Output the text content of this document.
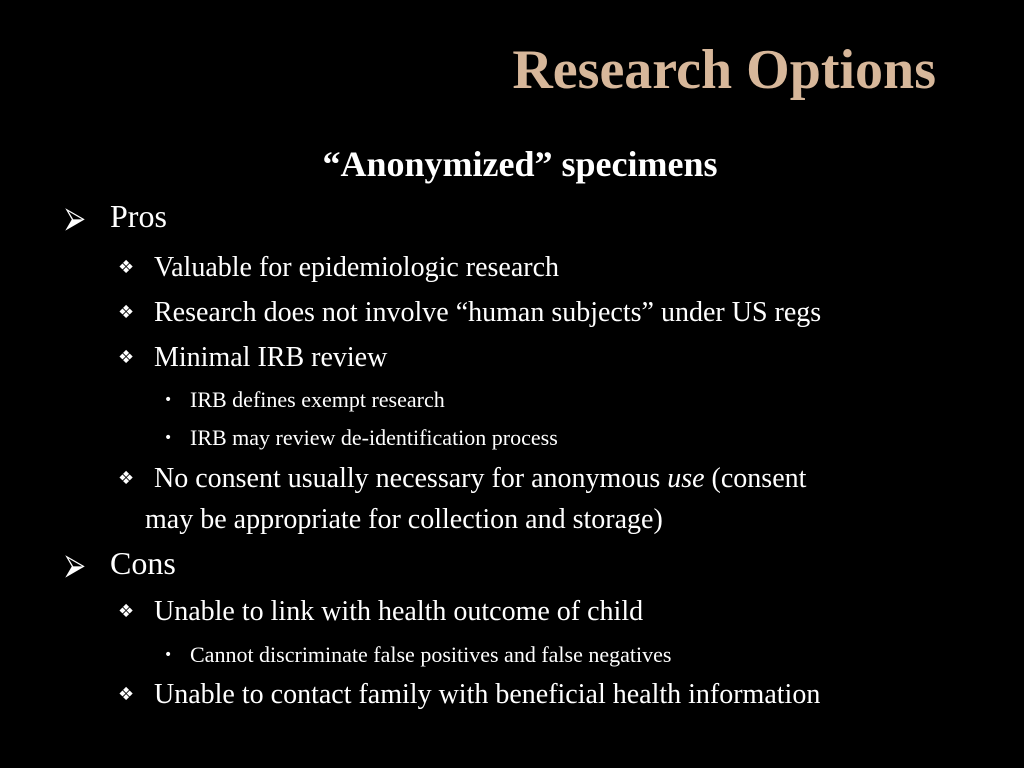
Research Options
“Anonymized” specimens
⮚ Pros
❖ Valuable for epidemiologic research
❖ Research does not involve “human subjects” under US regs
❖ Minimal IRB review
• IRB defines exempt research
• IRB may review de-identification process
❖ No consent usually necessary for anonymous use (consent
may be appropriate for collection and storage)
⮚ Cons
❖ Unable to link with health outcome of child
• Cannot discriminate false positives and false negatives
❖ Unable to contact family with beneficial health information
